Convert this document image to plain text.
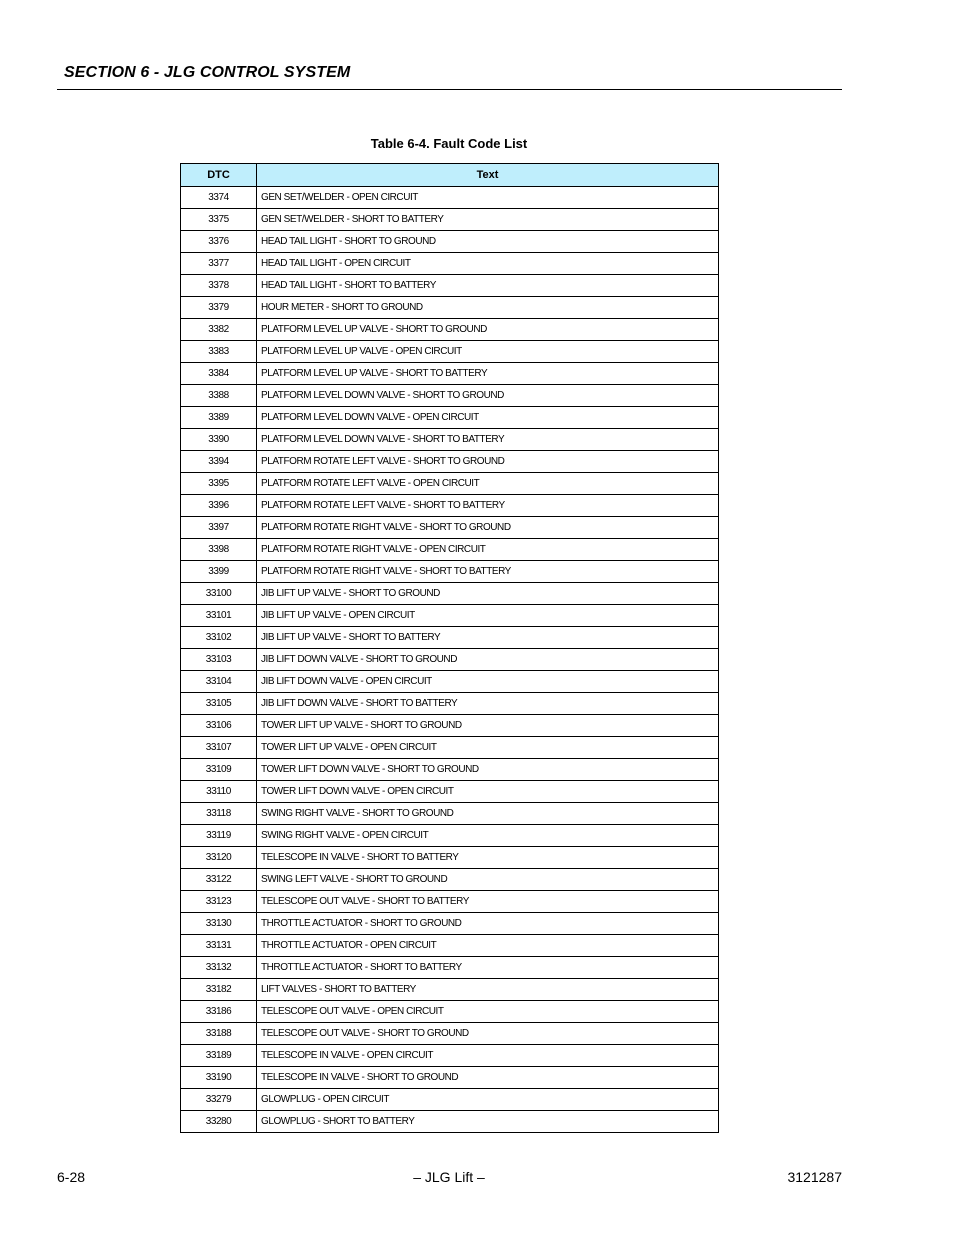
SECTION 6 - JLG CONTROL SYSTEM
Table 6-4. Fault Code List
DTC	Text
3374	GEN SET/WELDER - OPEN CIRCUIT
3375	GEN SET/WELDER - SHORT TO BATTERY
3376	HEAD TAIL LIGHT - SHORT TO GROUND
3377	HEAD TAIL LIGHT - OPEN CIRCUIT
3378	HEAD TAIL LIGHT - SHORT TO BATTERY
3379	HOUR METER - SHORT TO GROUND
3382	PLATFORM LEVEL UP VALVE - SHORT TO GROUND
3383	PLATFORM LEVEL UP VALVE - OPEN CIRCUIT
3384	PLATFORM LEVEL UP VALVE - SHORT TO BATTERY
3388	PLATFORM LEVEL DOWN VALVE - SHORT TO GROUND
3389	PLATFORM LEVEL DOWN VALVE - OPEN CIRCUIT
3390	PLATFORM LEVEL DOWN VALVE - SHORT TO BATTERY
3394	PLATFORM ROTATE LEFT VALVE - SHORT TO GROUND
3395	PLATFORM ROTATE LEFT VALVE - OPEN CIRCUIT
3396	PLATFORM ROTATE LEFT VALVE - SHORT TO BATTERY
3397	PLATFORM ROTATE RIGHT VALVE - SHORT TO GROUND
3398	PLATFORM ROTATE RIGHT VALVE - OPEN CIRCUIT
3399	PLATFORM ROTATE RIGHT VALVE - SHORT TO BATTERY
33100	JIB LIFT UP VALVE - SHORT TO GROUND
33101	JIB LIFT UP VALVE - OPEN CIRCUIT
33102	JIB LIFT UP VALVE - SHORT TO BATTERY
33103	JIB LIFT DOWN VALVE - SHORT TO GROUND
33104	JIB LIFT DOWN VALVE - OPEN CIRCUIT
33105	JIB LIFT DOWN VALVE - SHORT TO BATTERY
33106	TOWER LIFT UP VALVE - SHORT TO GROUND
33107	TOWER LIFT UP VALVE - OPEN CIRCUIT
33109	TOWER LIFT DOWN VALVE - SHORT TO GROUND
33110	TOWER LIFT DOWN VALVE - OPEN CIRCUIT
33118	SWING RIGHT VALVE - SHORT TO GROUND
33119	SWING RIGHT VALVE - OPEN CIRCUIT
33120	TELESCOPE IN VALVE - SHORT TO BATTERY
33122	SWING LEFT VALVE - SHORT TO GROUND
33123	TELESCOPE OUT VALVE - SHORT TO BATTERY
33130	THROTTLE ACTUATOR - SHORT TO GROUND
33131	THROTTLE ACTUATOR - OPEN CIRCUIT
33132	THROTTLE ACTUATOR - SHORT TO BATTERY
33182	LIFT VALVES - SHORT TO BATTERY
33186	TELESCOPE OUT VALVE - OPEN CIRCUIT
33188	TELESCOPE OUT VALVE - SHORT TO GROUND
33189	TELESCOPE IN VALVE - OPEN CIRCUIT
33190	TELESCOPE IN VALVE - SHORT TO GROUND
33279	GLOWPLUG - OPEN CIRCUIT
33280	GLOWPLUG - SHORT TO BATTERY
6-28	– JLG Lift –	3121287
